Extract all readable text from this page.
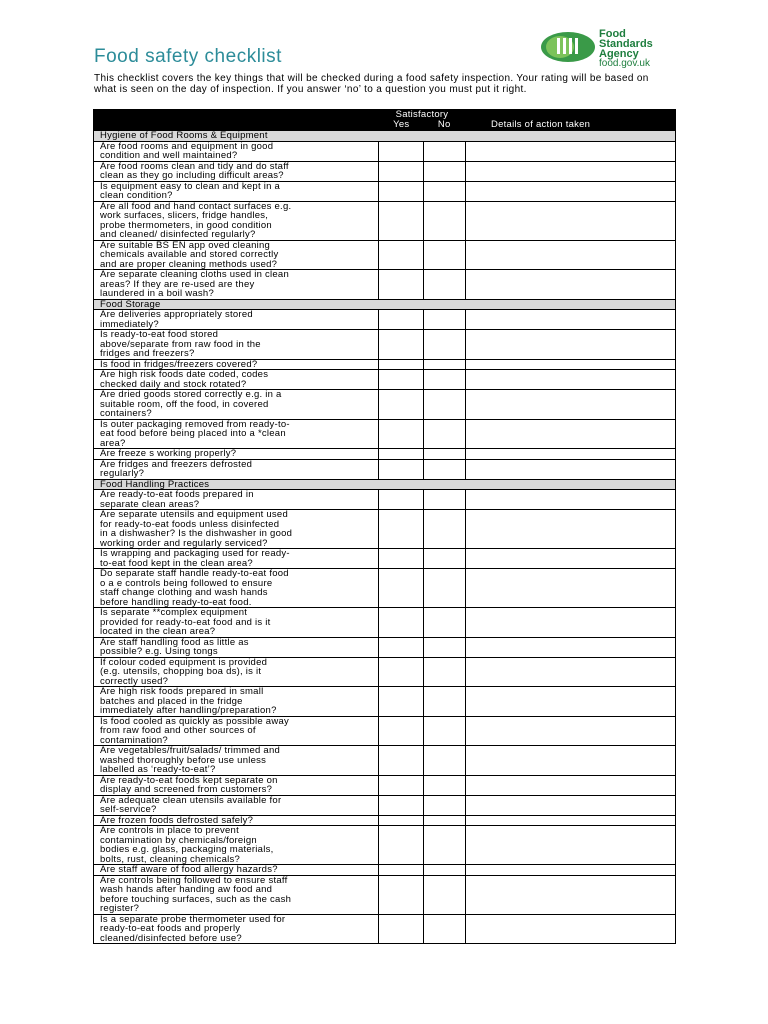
Food safety checklist
Food
Standards
Agency
food.gov.uk

This checklist covers the key things that will be checked during a food safety inspection. Your rating will be based on what is seen on the day of inspection. If you answer ‘no’ to a question you must put it right.

	Satisfactory
Yes No		Details of action taken
Hygiene of Food Rooms & Equipment			

Are food rooms and equipment in good
condition and well maintained?			

Are food rooms clean and tidy and do staff
clean as they go including difficult areas?			

Is equipment easy to clean and kept in a
clean condition?			

Are all food and hand contact surfaces e.g.
work surfaces, slicers, fridge handles,
probe thermometers, in good condition
and cleaned/ disinfected regularly?			

Are suitable BS EN app oved cleaning
chemicals available and stored correctly
and are proper cleaning methods used?			

Are separate cleaning cloths used in clean
areas? If they are re-used are they
laundered in a boil wash?			

Food Storage			

Are deliveries appropriately stored
immediately?			

Is ready-to-eat food stored
above/separate from raw food in the
fridges and freezers?			

Is food in fridges/freezers covered?			

Are high risk foods date coded, codes
checked daily and stock rotated?			

Are dried goods stored correctly e.g. in a
suitable room, off the food, in covered
containers?			

Is outer packaging removed from ready-to-
eat food before being placed into a *clean
area?			

Are freeze s working properly?			

Are fridges and freezers defrosted
regularly?			

Food Handling Practices			

Are ready-to-eat foods prepared in
separate clean areas?			

Are separate utensils and equipment used
for ready-to-eat foods unless disinfected
in a dishwasher? Is the dishwasher in good
working order and regularly serviced?			

Is wrapping and packaging used for ready-
to-eat food kept in the clean area?			

Do separate staff handle ready-to-eat food
o a e controls being followed to ensure
staff change clothing and wash hands
before handling ready-to-eat food.			

Is separate **complex equipment
provided for ready-to-eat food and is it
located in the clean area?			

Are staff handling food as little as
possible? e.g. Using tongs			

If colour coded equipment is provided
(e.g. utensils, chopping boa ds), is it
correctly used?			

Are high risk foods prepared in small
batches and placed in the fridge
immediately after handling/preparation?			

Is food cooled as quickly as possible away
from raw food and other sources of
contamination?			

Are vegetables/fruit/salads/ trimmed and
washed thoroughly before use unless
labelled as ‘ready-to-eat’?			

Are ready-to-eat foods kept separate on
display and screened from customers?			

Are adequate clean utensils available for
self-service?			

Are frozen foods defrosted safely?			

Are controls in place to prevent
contamination by chemicals/foreign
bodies e.g. glass, packaging materials,
bolts, rust, cleaning chemicals?			

Are staff aware of food allergy hazards?			

Are controls being followed to ensure staff
wash hands after handing aw food and
before touching surfaces, such as the cash
register?			

Is a separate probe thermometer used for
ready-to-eat foods and properly
cleaned/disinfected before use?			
